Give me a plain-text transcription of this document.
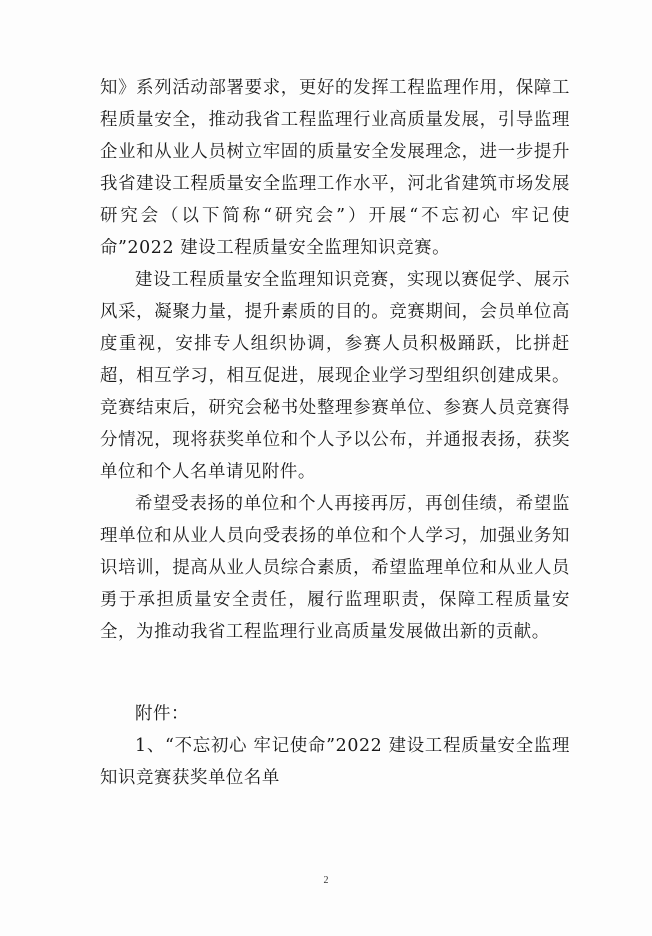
知》系列活动部署要求，更好的发挥工程监理作用，保障工程质量安全，推动我省工程监理行业高质量发展，引导监理企业和从业人员树立牢固的质量安全发展理念，进一步提升我省建设工程质量安全监理工作水平，河北省建筑市场发展研究会（以下简称“研究会”）开展“不忘初心 牢记使命”2022 建设工程质量安全监理知识竞赛。

建设工程质量安全监理知识竞赛，实现以赛促学、展示风采，凝聚力量，提升素质的目的。竞赛期间，会员单位高度重视，安排专人组织协调，参赛人员积极踊跃，比拼赶超，相互学习，相互促进，展现企业学习型组织创建成果。竞赛结束后，研究会秘书处整理参赛单位、参赛人员竞赛得分情况，现将获奖单位和个人予以公布，并通报表扬，获奖单位和个人名单请见附件。

希望受表扬的单位和个人再接再厉，再创佳绩，希望监理单位和从业人员向受表扬的单位和个人学习，加强业务知识培训，提高从业人员综合素质，希望监理单位和从业人员勇于承担质量安全责任，履行监理职责，保障工程质量安全，为推动我省工程监理行业高质量发展做出新的贡献。

附件：

1、“不忘初心 牢记使命”2022 建设工程质量安全监理知识竞赛获奖单位名单

2
